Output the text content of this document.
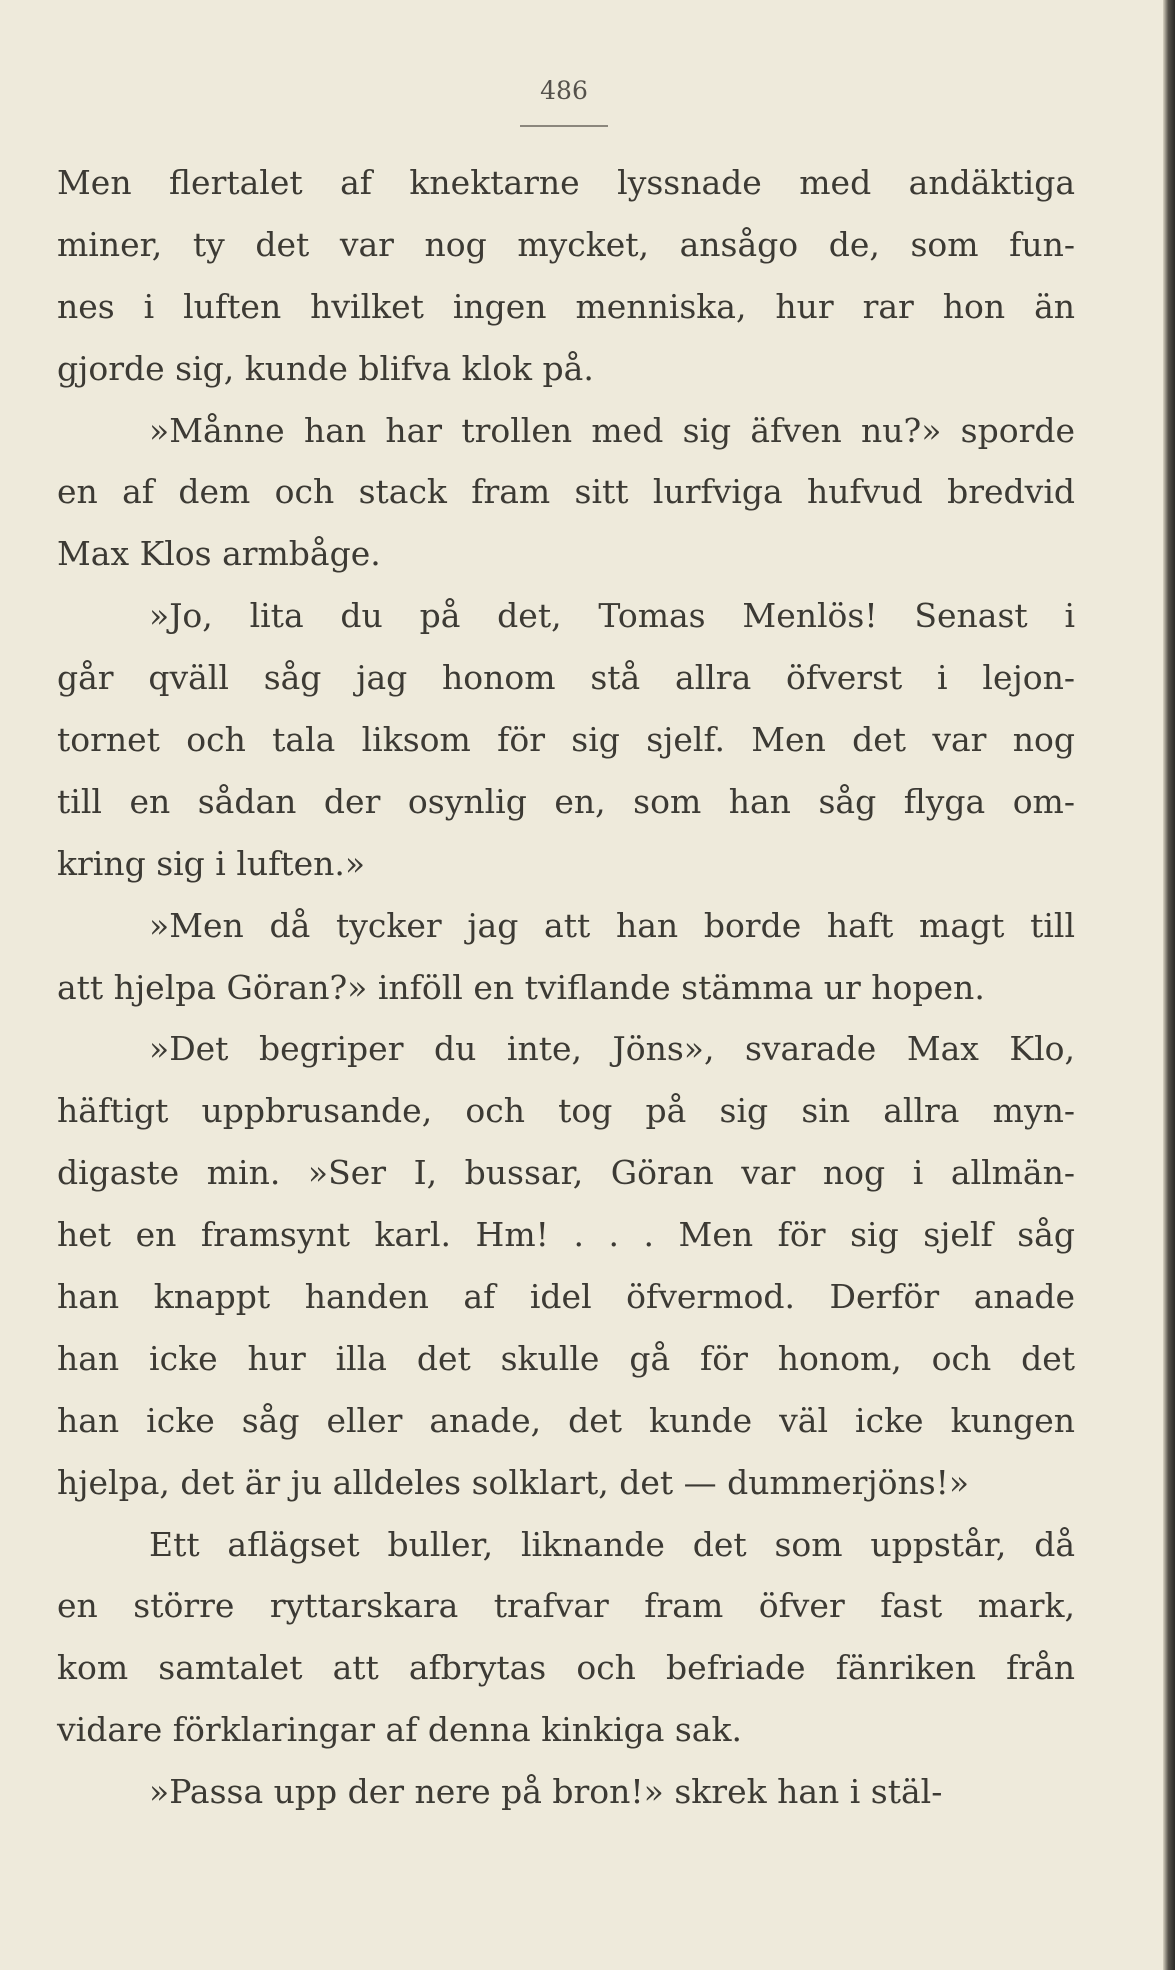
486
Men flertalet af knektarne lyssnade med andäktiga
miner, ty det var nog mycket, ansågo de, som fun-
nes i luften hvilket ingen menniska, hur rar hon än
gjorde sig, kunde blifva klok på.
»Månne han har trollen med sig äfven nu?» sporde
en af dem och stack fram sitt lurfviga hufvud bredvid
Max Klos armbåge.
»Jo, lita du på det, Tomas Menlös! Senast i
går qväll såg jag honom stå allra öfverst i lejon-
tornet och tala liksom för sig sjelf. Men det var nog
till en sådan der osynlig en, som han såg flyga om-
kring sig i luften.»
»Men då tycker jag att han borde haft magt till
att hjelpa Göran?» inföll en tviflande stämma ur hopen.
»Det begriper du inte, Jöns», svarade Max Klo,
häftigt uppbrusande, och tog på sig sin allra myn-
digaste min. »Ser I, bussar, Göran var nog i allmän-
het en framsynt karl. Hm! . . . Men för sig sjelf såg
han knappt handen af idel öfvermod. Derför anade
han icke hur illa det skulle gå för honom, och det
han icke såg eller anade, det kunde väl icke kungen
hjelpa, det är ju alldeles solklart, det — dummerjöns!»
Ett aflägset buller, liknande det som uppstår, då
en större ryttarskara trafvar fram öfver fast mark,
kom samtalet att afbrytas och befriade fänriken från
vidare förklaringar af denna kinkiga sak.
»Passa upp der nere på bron!» skrek han i stäl-
